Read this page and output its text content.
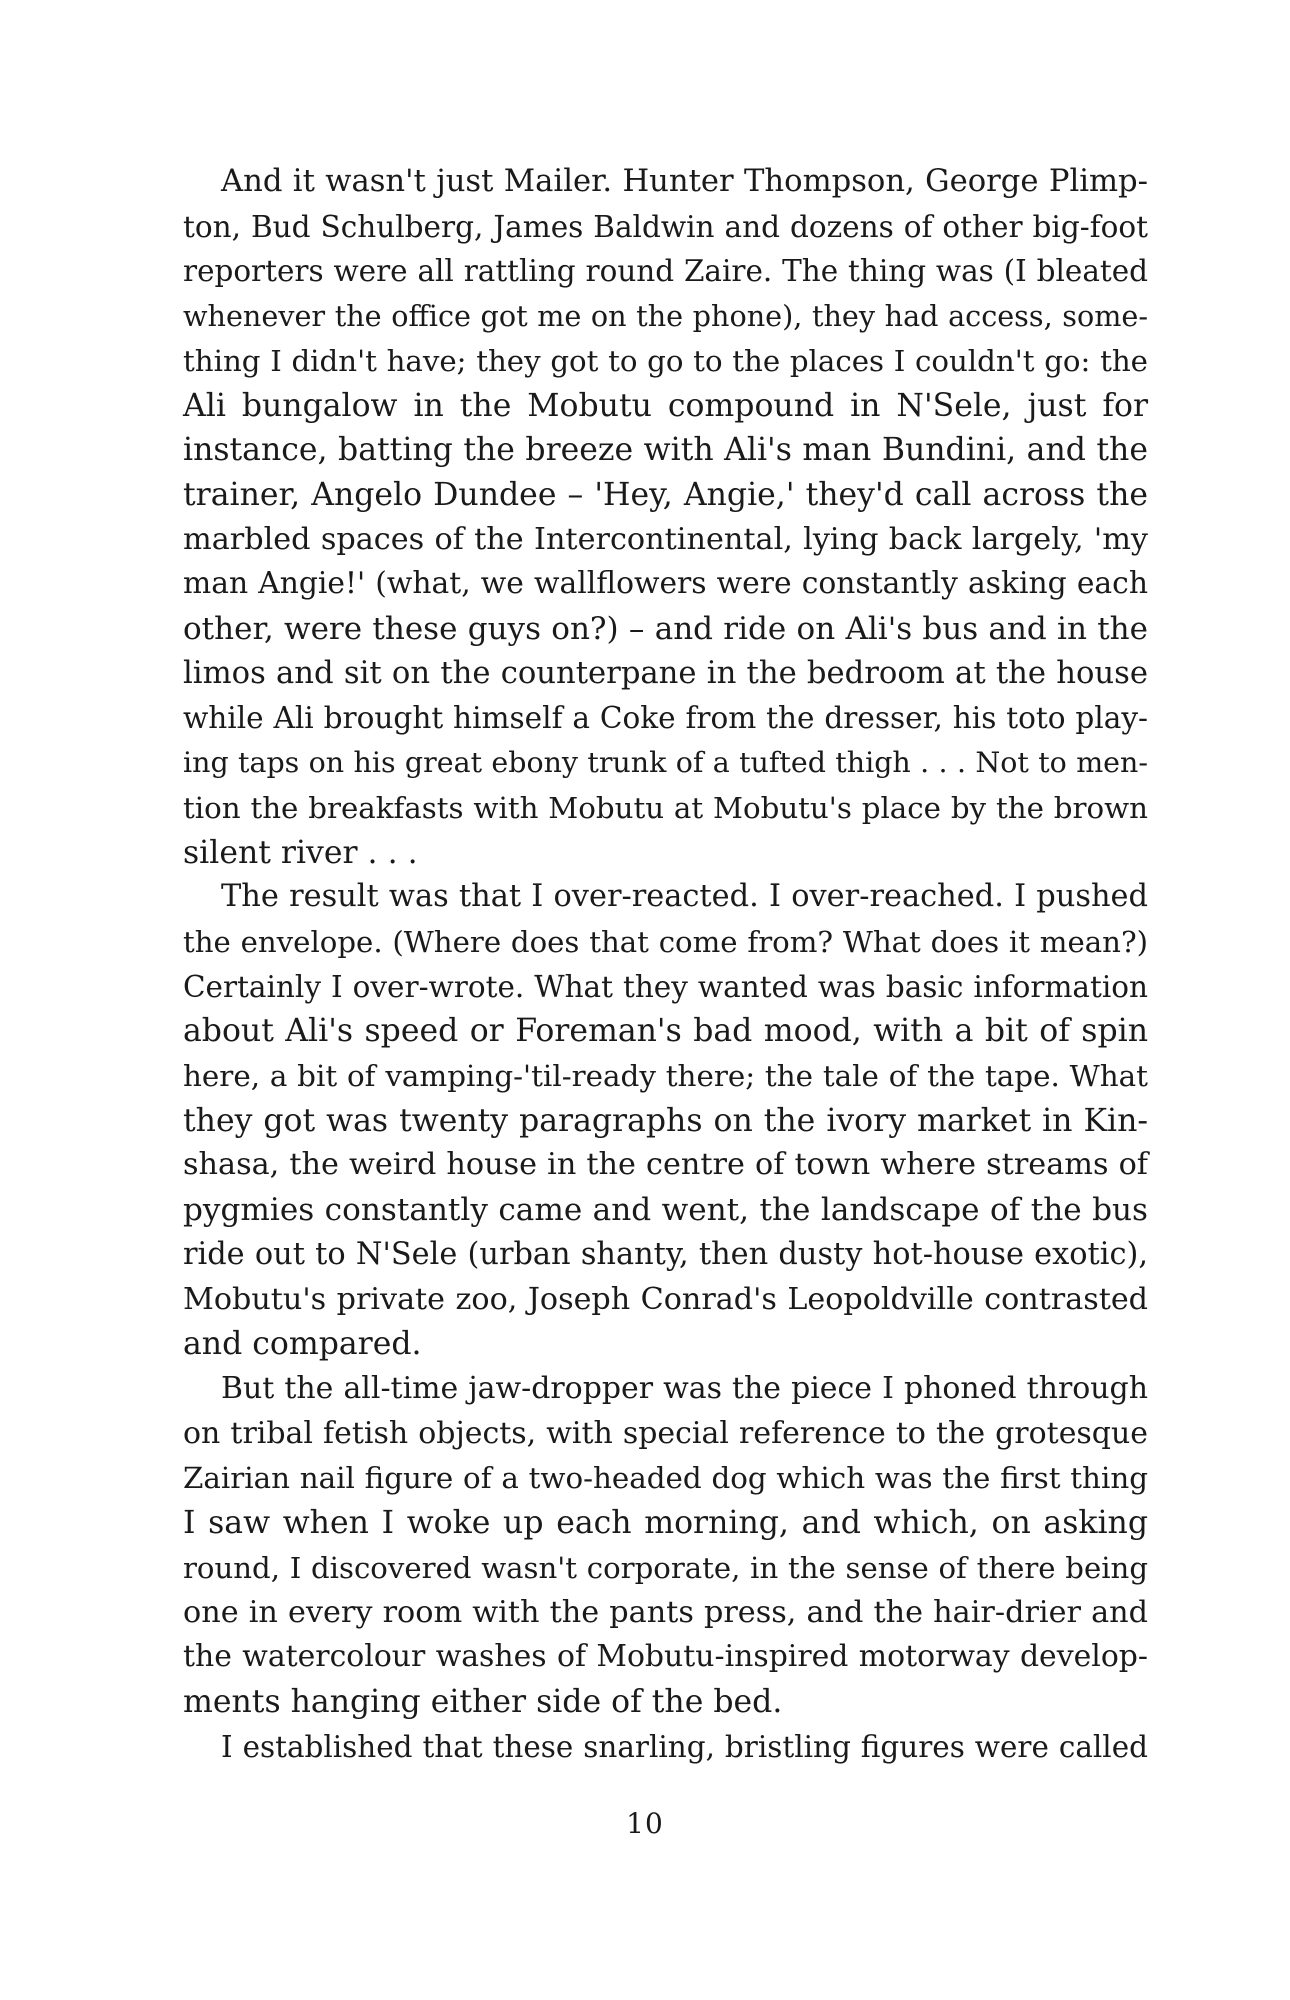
And it wasn't just Mailer. Hunter Thompson, George Plimp-
ton, Bud Schulberg, James Baldwin and dozens of other big-foot
reporters were all rattling round Zaire. The thing was (I bleated
whenever the office got me on the phone), they had access, some-
thing I didn't have; they got to go to the places I couldn't go: the
Ali bungalow in the Mobutu compound in N'Sele, just for
instance, batting the breeze with Ali's man Bundini, and the
trainer, Angelo Dundee – 'Hey, Angie,' they'd call across the
marbled spaces of the Intercontinental, lying back largely, 'my
man Angie!' (what, we wallflowers were constantly asking each
other, were these guys on?) – and ride on Ali's bus and in the
limos and sit on the counterpane in the bedroom at the house
while Ali brought himself a Coke from the dresser, his toto play-
ing taps on his great ebony trunk of a tufted thigh . . . Not to men-
tion the breakfasts with Mobutu at Mobutu's place by the brown
silent river . . .

The result was that I over-reacted. I over-reached. I pushed
the envelope. (Where does that come from? What does it mean?)
Certainly I over-wrote. What they wanted was basic information
about Ali's speed or Foreman's bad mood, with a bit of spin
here, a bit of vamping-'til-ready there; the tale of the tape. What
they got was twenty paragraphs on the ivory market in Kin-
shasa, the weird house in the centre of town where streams of
pygmies constantly came and went, the landscape of the bus
ride out to N'Sele (urban shanty, then dusty hot-house exotic),
Mobutu's private zoo, Joseph Conrad's Leopoldville contrasted
and compared.

But the all-time jaw-dropper was the piece I phoned through
on tribal fetish objects, with special reference to the grotesque
Zairian nail figure of a two-headed dog which was the first thing
I saw when I woke up each morning, and which, on asking
round, I discovered wasn't corporate, in the sense of there being
one in every room with the pants press, and the hair-drier and
the watercolour washes of Mobutu-inspired motorway develop-
ments hanging either side of the bed.

I established that these snarling, bristling figures were called

10
